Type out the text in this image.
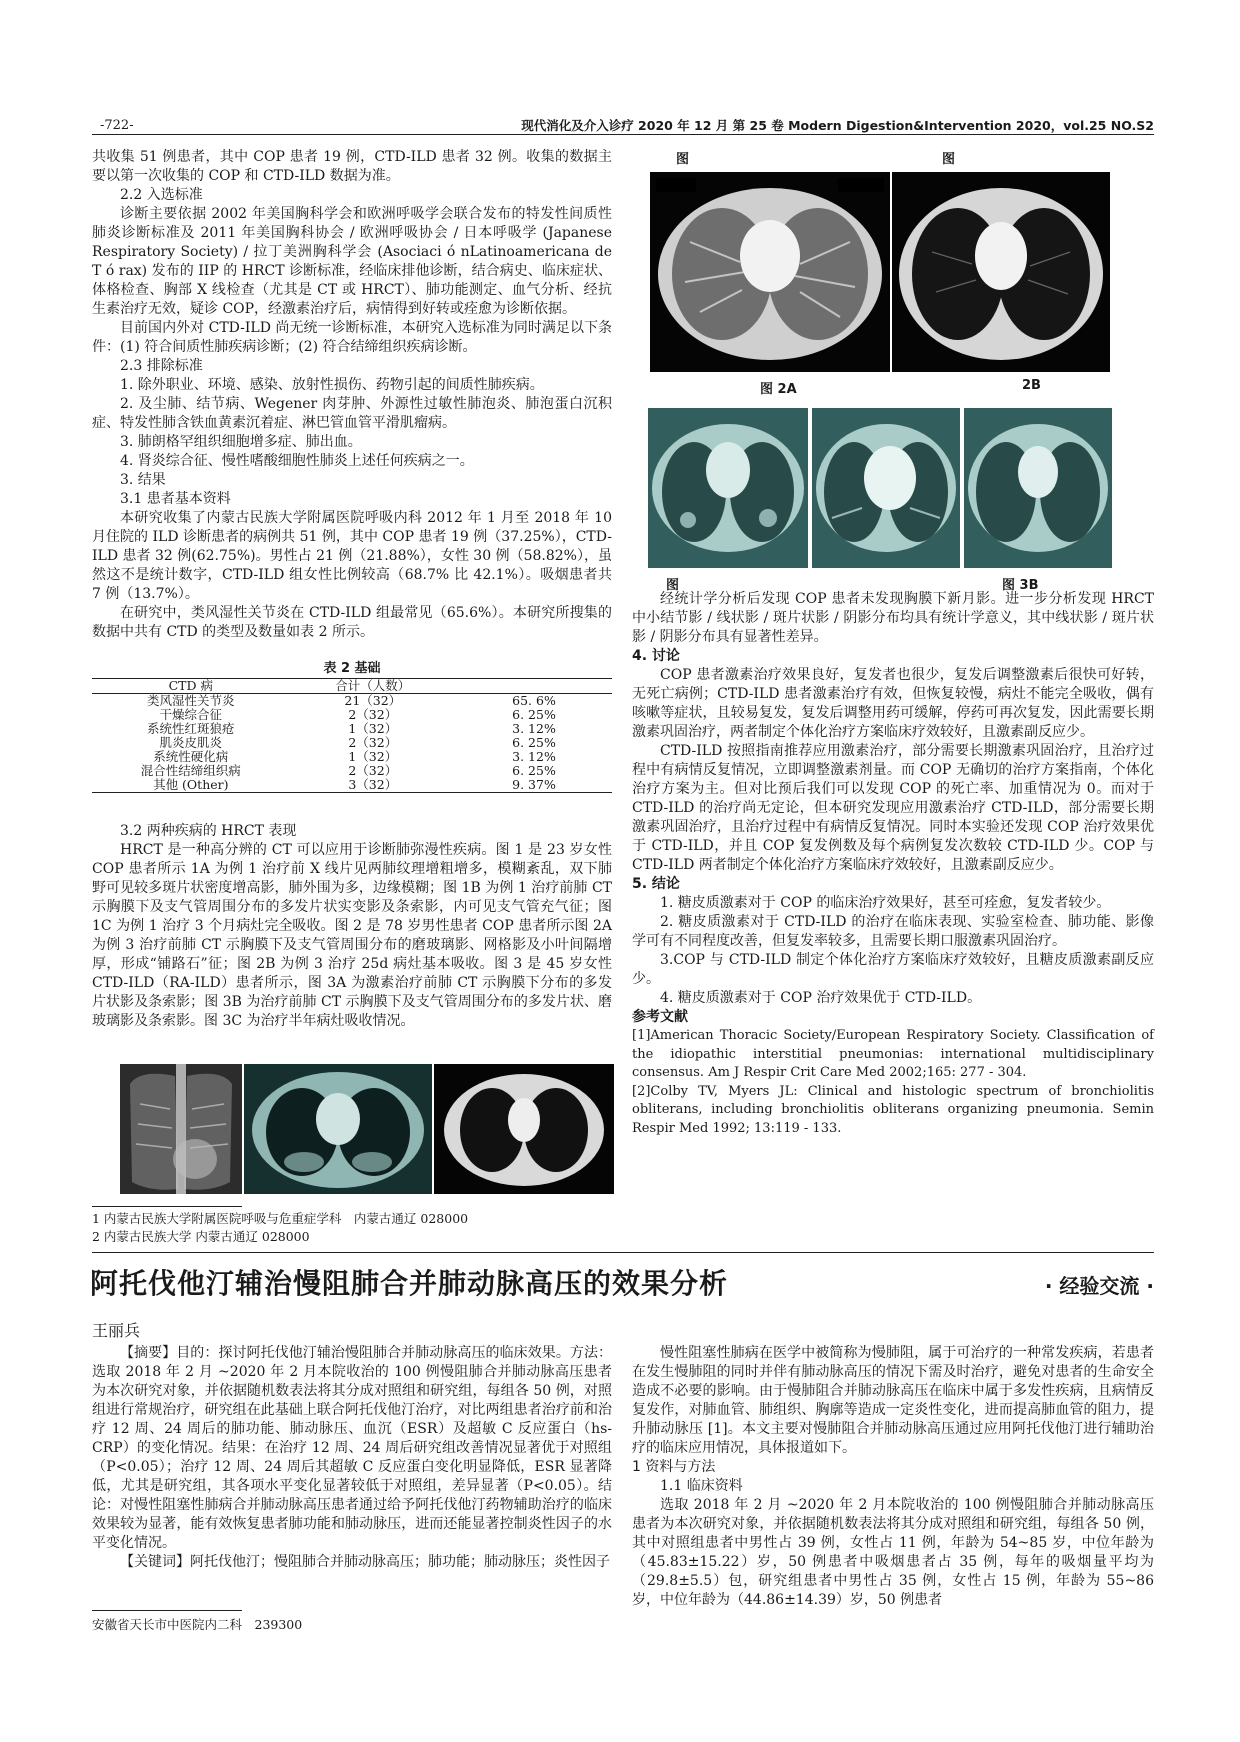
-722-	现代消化及介入诊疗 2020 年 12 月 第 25 卷 Modern Digestion&Intervention 2020，vol.25 NO.S2

共收集 51 例患者，其中 COP 患者 19 例，CTD-ILD 患者 32 例。收集的数据主要以第一次收集的 COP 和 CTD-ILD 数据为准。

2.2 入选标准

诊断主要依据 2002 年美国胸科学会和欧洲呼吸学会联合发布的特发性间质性肺炎诊断标准及 2011 年美国胸科协会 / 欧洲呼吸协会 / 日本呼吸学 (Japanese Respiratory Society) / 拉丁美洲胸科学会 (Asociaci ó nLatinoamericana de T ó rax) 发布的 IIP 的 HRCT 诊断标准，经临床排他诊断，结合病史、临床症状、体格检查、胸部 X 线检查（尤其是 CT 或 HRCT）、肺功能测定、血气分析、经抗生素治疗无效，疑诊 COP，经激素治疗后，病情得到好转或痊愈为诊断依据。

目前国内外对 CTD-ILD 尚无统一诊断标准，本研究入选标准为同时满足以下条件：(1) 符合间质性肺疾病诊断；(2) 符合结缔组织疾病诊断。

2.3 排除标准

1. 除外职业、环境、感染、放射性损伤、药物引起的间质性肺疾病。

2. 及尘肺、结节病、Wegener 肉芽肿、外源性过敏性肺泡炎、肺泡蛋白沉积症、特发性肺含铁血黄素沉着症、淋巴管血管平滑肌瘤病。

3. 肺朗格罕组织细胞增多症、肺出血。

4. 肾炎综合征、慢性嗜酸细胞性肺炎上述任何疾病之一。

3. 结果

3.1 患者基本资料

本研究收集了内蒙古民族大学附属医院呼吸内科 2012 年 1 月至 2018 年 10 月住院的 ILD 诊断患者的病例共 51 例，其中 COP 患者 19 例（37.25%），CTD-ILD 患者 32 例(62.75%)。男性占 21 例（21.88%），女性 30 例（58.82%），虽然这不是统计数字，CTD-ILD 组女性比例较高（68.7% 比 42.1%）。吸烟患者共 7 例（13.7%）。

在研究中，类风湿性关节炎在 CTD-ILD 组最常见（65.6%）。本研究所搜集的数据中共有 CTD 的类型及数量如表 2 所示。

表 2 基础
CTD 病	合计（人数）	
类风湿性关节炎	21（32）	65. 6%
干燥综合征	2（32）	6. 25%
系统性红斑狼疮	1（32）	3. 12%
肌炎皮肌炎	2（32）	6. 25%
系统性硬化病	1（32）	3. 12%
混合性结缔组织病	2（32）	6. 25%
其他 (Other)	3（32）	9. 37%

3.2 两种疾病的 HRCT 表现

HRCT 是一种高分辨的 CT 可以应用于诊断肺弥漫性疾病。图 1 是 23 岁女性 COP 患者所示 1A 为例 1 治疗前 X 线片见两肺纹理增粗增多，模糊紊乱，双下肺野可见较多斑片状密度增高影，肺外围为多，边缘模糊；图 1B 为例 1 治疗前肺 CT 示胸膜下及支气管周围分布的多发片状实变影及条索影，内可见支气管充气征；图 1C 为例 1 治疗 3 个月病灶完全吸收。图 2 是 78 岁男性患者 COP 患者所示图 2A 为例 3 治疗前肺 CT 示胸膜下及支气管周围分布的磨玻璃影、网格影及小叶间隔增厚，形成“铺路石”征；图 2B 为例 3 治疗 25d 病灶基本吸收。图 3 是 45 岁女性 CTD-ILD（RA-ILD）患者所示，图 3A 为激素治疗前肺 CT 示胸膜下分布的多发片状影及条索影；图 3B 为治疗前肺 CT 示胸膜下及支气管周围分布的多发片状、磨玻璃影及条索影。图 3C 为治疗半年病灶吸收情况。

1 内蒙古民族大学附属医院呼吸与危重症学科　内蒙古通辽 028000
2 内蒙古民族大学 内蒙古通辽 028000
图	图
图 2A	2B
图	图 3B

经统计学分析后发现 COP 患者未发现胸膜下新月影。进一步分析发现 HRCT 中小结节影 / 线状影 / 斑片状影 / 阴影分布均具有统计学意义，其中线状影 / 斑片状影 / 阴影分布具有显著性差异。

4. 讨论

COP 患者激素治疗效果良好，复发者也很少，复发后调整激素后很快可好转，无死亡病例；CTD-ILD 患者激素治疗有效，但恢复较慢，病灶不能完全吸收，偶有咳嗽等症状，且较易复发，复发后调整用药可缓解，停药可再次复发，因此需要长期激素巩固治疗，两者制定个体化治疗方案临床疗效较好，且激素副反应少。

CTD-ILD 按照指南推荐应用激素治疗，部分需要长期激素巩固治疗，且治疗过程中有病情反复情况，立即调整激素剂量。而 COP 无确切的治疗方案指南，个体化治疗方案为主。但对比预后我们可以发现 COP 的死亡率、加重情况为 0。而对于 CTD-ILD 的治疗尚无定论，但本研究发现应用激素治疗 CTD-ILD，部分需要长期激素巩固治疗，且治疗过程中有病情反复情况。同时本实验还发现 COP 治疗效果优于 CTD-ILD，并且 COP 复发例数及每个病例复发次数较 CTD-ILD 少。COP 与 CTD-ILD 两者制定个体化治疗方案临床疗效较好，且激素副反应少。

5. 结论

1. 糖皮质激素对于 COP 的临床治疗效果好，甚至可痊愈，复发者较少。

2. 糖皮质激素对于 CTD-ILD 的治疗在临床表现、实验室检查、肺功能、影像学可有不同程度改善，但复发率较多，且需要长期口服激素巩固治疗。

3.COP 与 CTD-ILD 制定个体化治疗方案临床疗效较好，且糖皮质激素副反应少。

4. 糖皮质激素对于 COP 治疗效果优于 CTD-ILD。

参考文献

[1]American Thoracic Society/European Respiratory Society. Classification of the idiopathic interstitial pneumonias: international multidisciplinary consensus. Am J Respir Crit Care Med 2002;165: 277 - 304.

[2]Colby TV, Myers JL: Clinical and histologic spectrum of bronchiolitis obliterans, including bronchiolitis obliterans organizing pneumonia. Semin Respir Med 1992; 13:119 - 133.

阿托伐他汀辅治慢阻肺合并肺动脉高压的效果分析	· 经验交流 ·
王丽兵

【摘要】目的：探讨阿托伐他汀辅治慢阻肺合并肺动脉高压的临床效果。方法：选取 2018 年 2 月 ~2020 年 2 月本院收治的 100 例慢阻肺合并肺动脉高压患者为本次研究对象，并依据随机数表法将其分成对照组和研究组，每组各 50 例，对照组进行常规治疗，研究组在此基础上联合阿托伐他汀治疗，对比两组患者治疗前和治疗 12 周、24 周后的肺功能、肺动脉压、血沉（ESR）及超敏 C 反应蛋白（hs-CRP）的变化情况。结果：在治疗 12 周、24 周后研究组改善情况显著优于对照组（P<0.05）；治疗 12 周、24 周后其超敏 C 反应蛋白变化明显降低，ESR 显著降低，尤其是研究组，其各项水平变化显著较低于对照组，差异显著（P<0.05）。结论：对慢性阻塞性肺病合并肺动脉高压患者通过给予阿托伐他汀药物辅助治疗的临床效果较为显著，能有效恢复患者肺功能和肺动脉压，进而还能显著控制炎性因子的水平变化情况。

【关键词】阿托伐他汀；慢阻肺合并肺动脉高压；肺功能；肺动脉压；炎性因子

安徽省天长市中医院内二科　239300

慢性阻塞性肺病在医学中被简称为慢肺阻，属于可治疗的一种常发疾病，若患者在发生慢肺阻的同时并伴有肺动脉高压的情况下需及时治疗，避免对患者的生命安全造成不必要的影响。由于慢肺阻合并肺动脉高压在临床中属于多发性疾病，且病情反复发作，对肺血管、肺组织、胸廓等造成一定炎性变化，进而提高肺血管的阻力，提升肺动脉压 [1]。本文主要对慢肺阻合并肺动脉高压通过应用阿托伐他汀进行辅助治疗的临床应用情况，具体报道如下。

1 资料与方法

1.1 临床资料

选取 2018 年 2 月 ~2020 年 2 月本院收治的 100 例慢阻肺合并肺动脉高压患者为本次研究对象，并依据随机数表法将其分成对照组和研究组，每组各 50 例，其中对照组患者中男性占 39 例，女性占 11 例，年龄为 54~85 岁，中位年龄为（45.83±15.22）岁，50 例患者中吸烟患者占 35 例，每年的吸烟量平均为（29.8±5.5）包，研究组患者中男性占 35 例，女性占 15 例，年龄为 55~86 岁，中位年龄为（44.86±14.39）岁，50 例患者
